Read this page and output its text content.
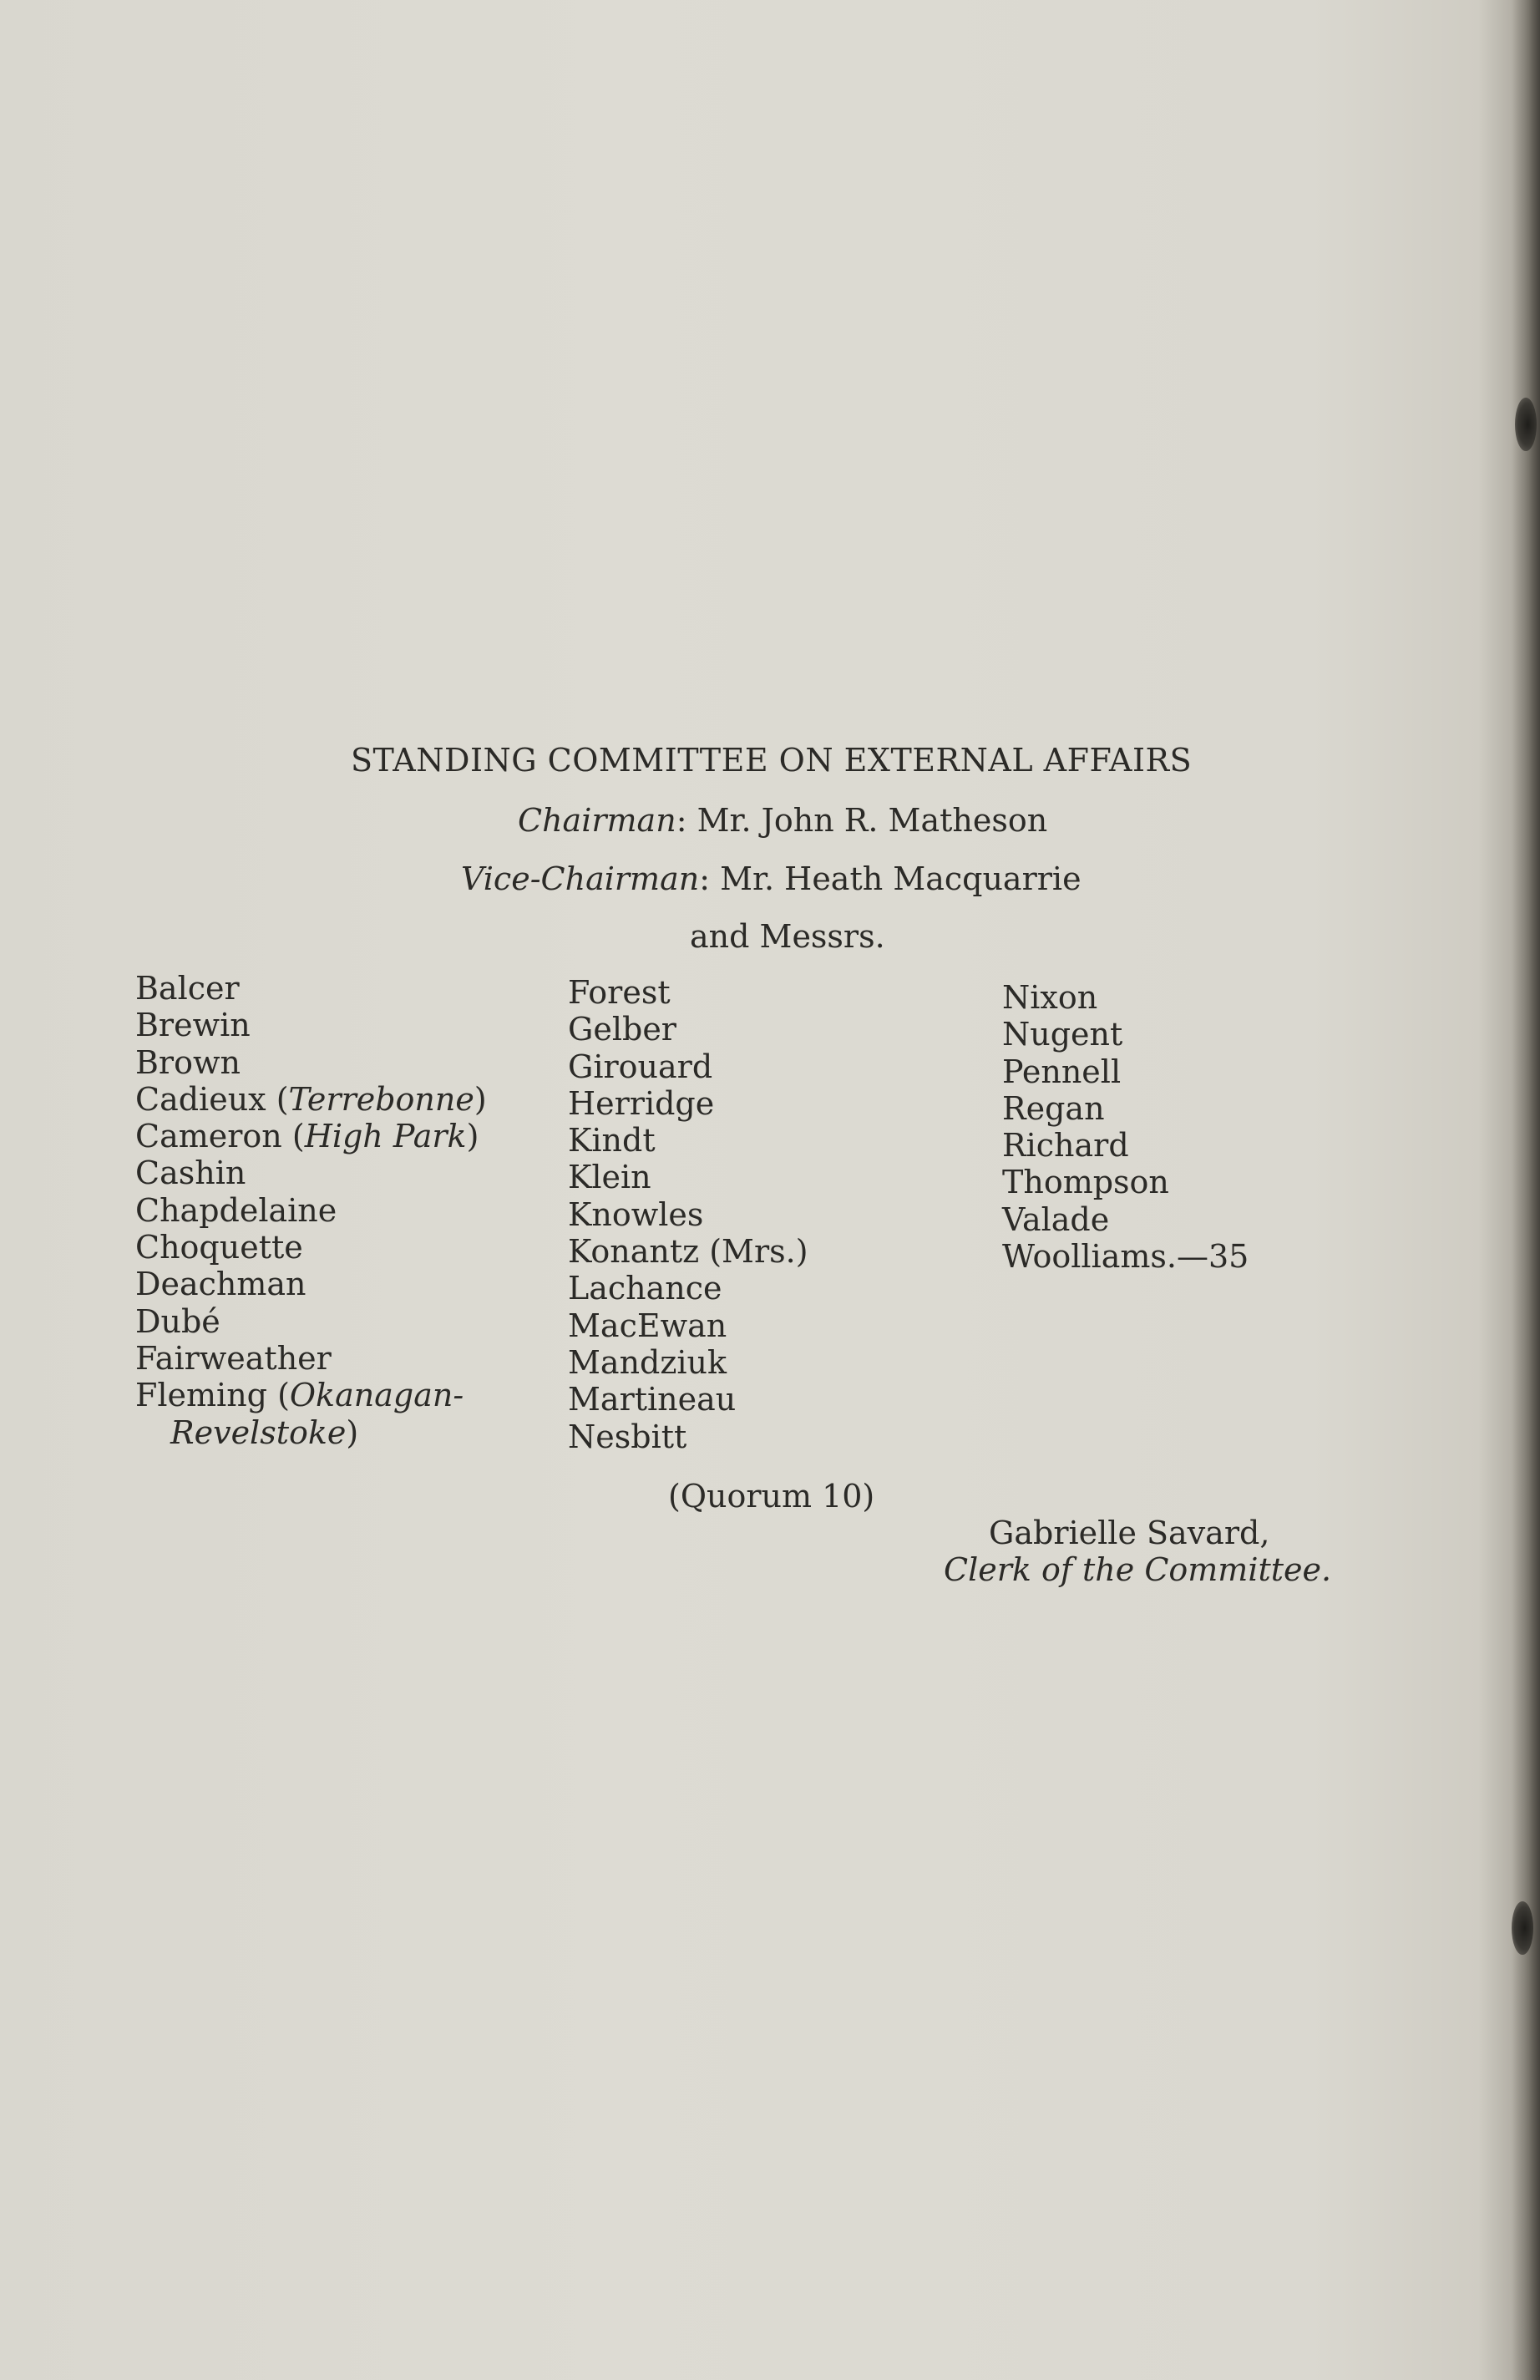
STANDING COMMITTEE ON EXTERNAL AFFAIRS
Chairman: Mr. John R. Matheson
Vice-Chairman: Mr. Heath Macquarrie
and Messrs.
Balcer
Brewin
Brown
Cadieux (Terrebonne)
Cameron (High Park)
Cashin
Chapdelaine
Choquette
Deachman
Dubé
Fairweather
Fleming (Okanagan-
Revelstoke)
Forest
Gelber
Girouard
Herridge
Kindt
Klein
Knowles
Konantz (Mrs.)
Lachance
MacEwan
Mandziuk
Martineau
Nesbitt
Nixon
Nugent
Pennell
Regan
Richard
Thompson
Valade
Woolliams.—35
(Quorum 10)
Gabrielle Savard,
Clerk of the Committee.
